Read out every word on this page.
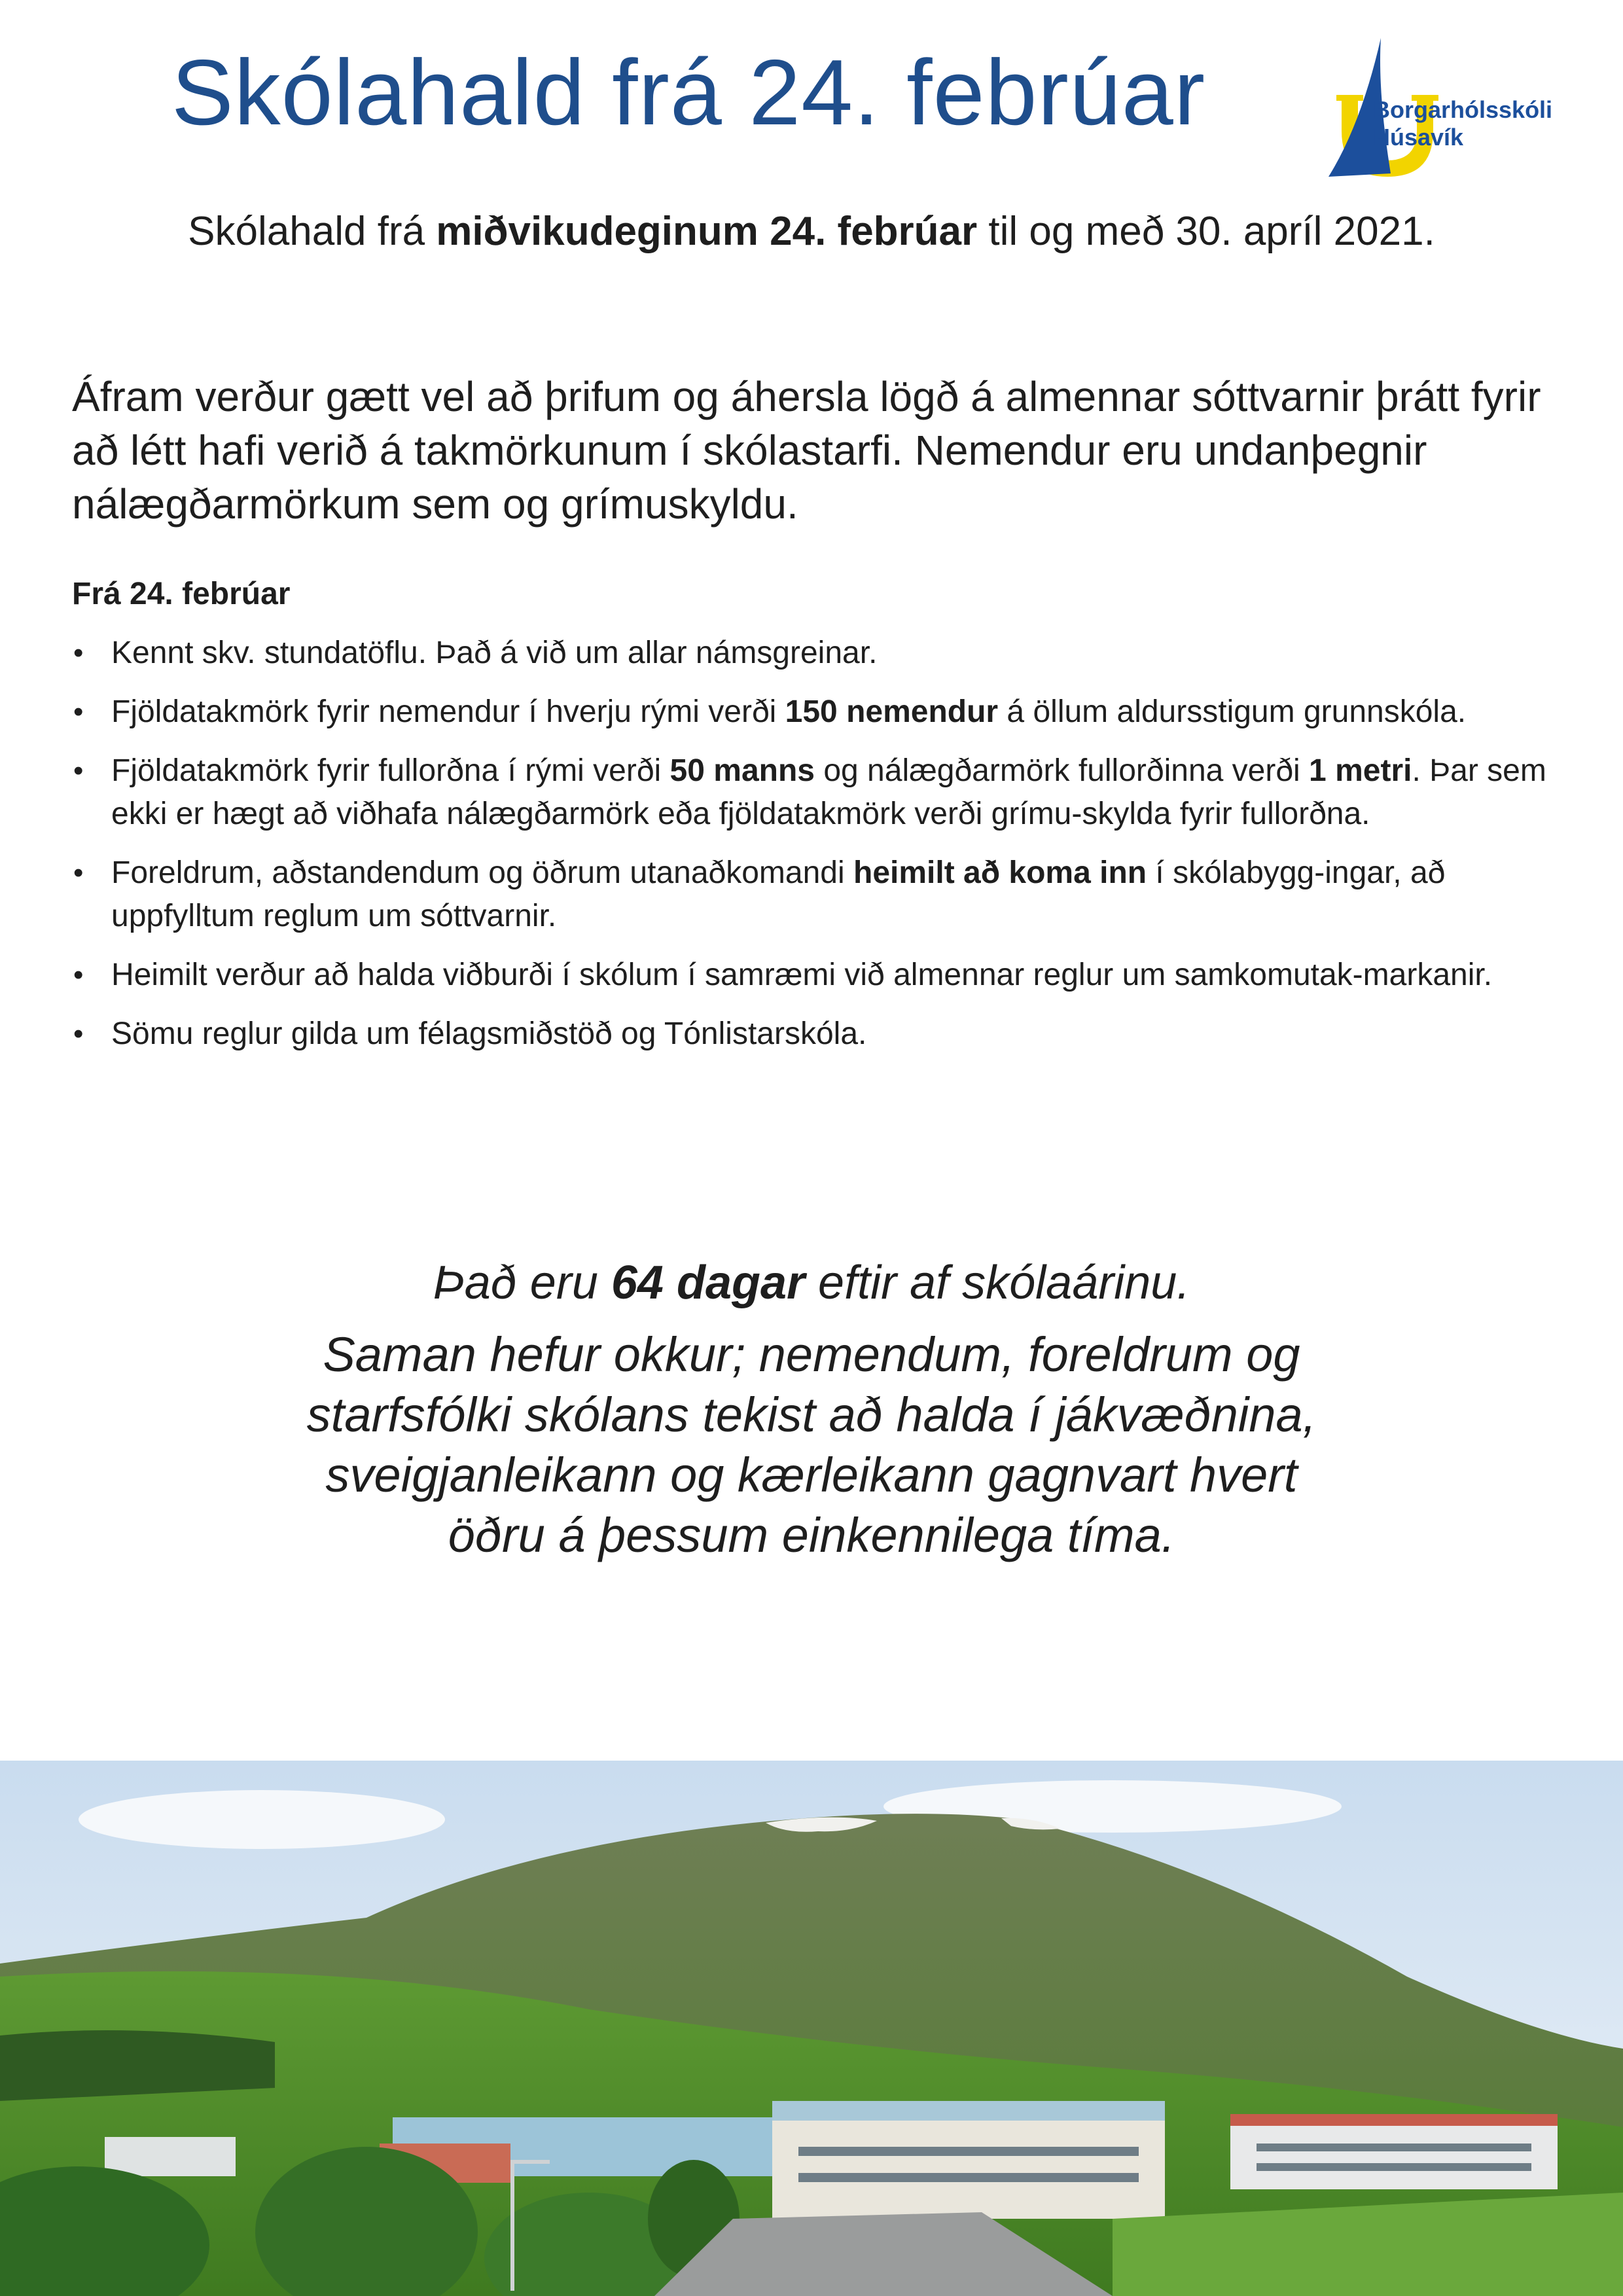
Skólahald frá 24. febrúar	Borgarhólsskóli
Húsavík
Skólahald frá miðvikudeginum 24. febrúar til og með 30. apríl 2021.

Áfram verður gætt vel að þrifum og áhersla lögð á almennar sóttvarnir þrátt fyrir að létt hafi verið á takmörkunum í skólastarfi. Nemendur eru undanþegnir nálægðarmörkum sem og grímuskyldu.

Frá 24. febrúar
• Kennt skv. stundatöflu. Það á við um allar námsgreinar.
• Fjöldatakmörk fyrir nemendur í hverju rými verði 150 nemendur á öllum aldursstigum grunnskóla.
• Fjöldatakmörk fyrir fullorðna í rými verði 50 manns og nálægðarmörk fullorðinna verði 1 metri. Þar sem ekki er hægt að viðhafa nálægðarmörk eða fjöldatakmörk verði grímu-skylda fyrir fullorðna.
• Foreldrum, aðstandendum og öðrum utanaðkomandi heimilt að koma inn í skólabygg-ingar, að uppfylltum reglum um sóttvarnir.
• Heimilt verður að halda viðburði í skólum í samræmi við almennar reglur um samkomutak-markanir.
• Sömu reglur gilda um félagsmiðstöð og Tónlistarskóla.
Það eru 64 dagar eftir af skólaárinu.
Saman hefur okkur; nemendum, foreldrum og
starfsfólki skólans tekist að halda í jákvæðnina,
sveigjanleikann og kærleikann gagnvart hvert
öðru á þessum einkennilega tíma.
